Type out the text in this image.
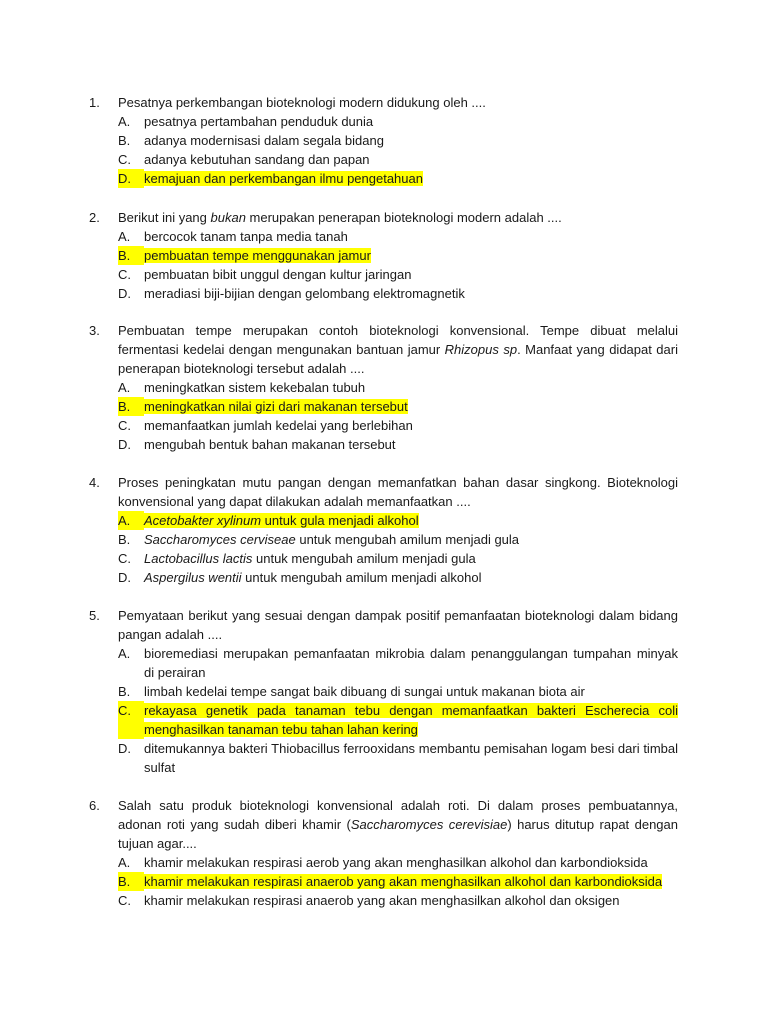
1.	Pesatnya perkembangan bioteknologi modern didukung oleh ....
A.	pesatnya pertambahan penduduk dunia
B.	adanya modernisasi dalam segala bidang
C.	adanya kebutuhan sandang dan papan
D.	kemajuan dan perkembangan ilmu pengetahuan
2.	Berikut ini yang bukan merupakan penerapan bioteknologi modern adalah ....
A.	bercocok tanam tanpa media tanah
B.	pembuatan tempe menggunakan jamur
C.	pembuatan bibit unggul dengan kultur jaringan
D.	meradiasi biji-bijian dengan gelombang elektromagnetik
3.	Pembuatan tempe merupakan contoh bioteknologi konvensional. Tempe dibuat melalui fermentasi kedelai dengan mengunakan bantuan jamur Rhizopus sp. Manfaat yang didapat dari penerapan bioteknologi tersebut adalah ....
A.	meningkatkan sistem kekebalan tubuh
B.	meningkatkan nilai gizi dari makanan tersebut
C.	memanfaatkan jumlah kedelai yang berlebihan
D.	mengubah bentuk bahan makanan tersebut
4.	Proses peningkatan mutu pangan dengan memanfatkan bahan dasar singkong. Bioteknologi konvensional yang dapat dilakukan adalah memanfaatkan ....
A.	Acetobakter xylinum untuk gula menjadi alkohol
B.	Saccharomyces cerviseae untuk mengubah amilum menjadi gula
C.	Lactobacillus lactis untuk mengubah amilum menjadi gula
D.	Aspergilus wentii untuk mengubah amilum menjadi alkohol
5.	Pemyataan berikut yang sesuai dengan dampak positif pemanfaatan bioteknologi dalam bidang pangan adalah ....
A.	bioremediasi merupakan pemanfaatan mikrobia dalam penanggulangan tumpahan minyak di perairan
B.	limbah kedelai tempe sangat baik dibuang di sungai untuk makanan biota air
C.	rekayasa genetik pada tanaman tebu dengan memanfaatkan bakteri Escherecia coli menghasilkan tanaman tebu tahan lahan kering
D.	ditemukannya bakteri Thiobacillus ferrooxidans membantu pemisahan logam besi dari timbal sulfat
6.	Salah satu produk bioteknologi konvensional adalah roti. Di dalam proses pembuatannya, adonan roti yang sudah diberi khamir (Saccharomyces cerevisiae) harus ditutup rapat dengan tujuan agar....
A.	khamir melakukan respirasi aerob yang akan menghasilkan alkohol dan karbondioksida
B.	khamir melakukan respirasi anaerob yang akan menghasilkan alkohol dan karbondioksida
C.	khamir melakukan respirasi anaerob yang akan menghasilkan alkohol dan oksigen
